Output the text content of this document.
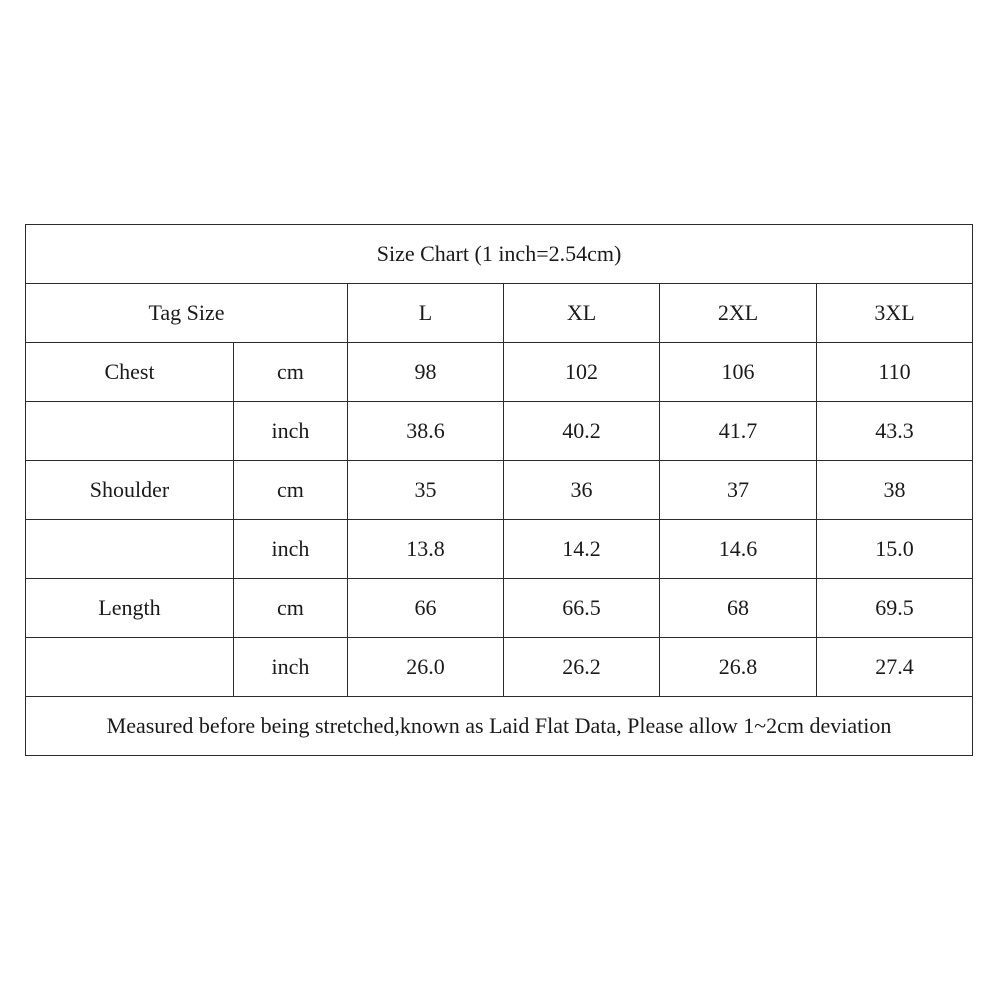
Size Chart (1 inch=2.54cm)					
Tag Size		L	XL	2XL	3XL
Chest	cm	98	102	106	110
	inch	38.6	40.2	41.7	43.3
Shoulder	cm	35	36	37	38
	inch	13.8	14.2	14.6	15.0
Length	cm	66	66.5	68	69.5
	inch	26.0	26.2	26.8	27.4
Measured before being stretched,known as Laid Flat Data, Please allow 1~2cm deviation					
